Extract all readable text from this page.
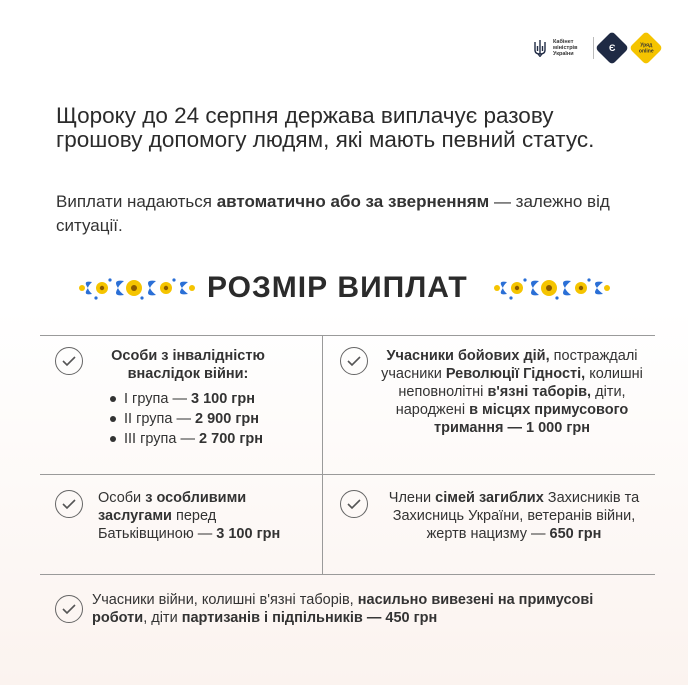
Кабінет міністрів України
Є	Уряд
online
Щороку до 24 серпня держава виплачує разову грошову допомогу людям, які мають певний статус.

Виплати надаються автоматично або за зверненням — залежно від ситуації.

РОЗМІР ВИПЛАТ
Особи з інвалідністю внаслідок війни:
I група — 3 100 грн
II група — 2 900 грн
III група — 2 700 грн
Учасники бойових дій, постраждалі учасники Революції Гідності, колишні неповнолітні в'язні таборів, діти, народжені в місцях примусового тримання — 1 000 грн
Особи з особливими заслугами перед Батьківщиною — 3 100 грн
Члени сімей загиблих Захисників та Захисниць України, ветеранів війни, жертв нацизму — 650 грн
Учасники війни, колишні в'язні таборів, насильно вивезені на примусові роботи, діти партизанів і підпільників — 450 грн
